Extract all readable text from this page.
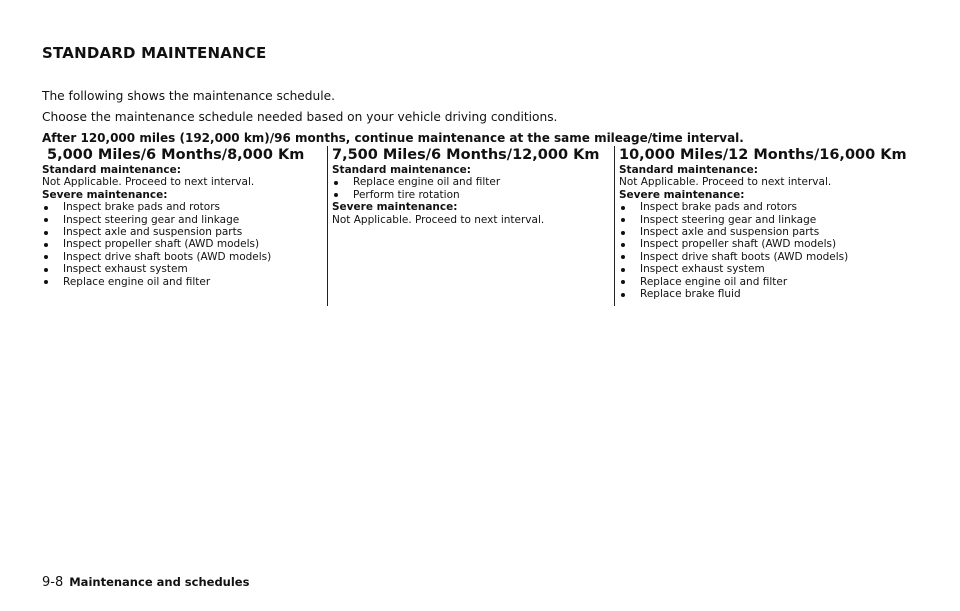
STANDARD MAINTENANCE

The following shows the maintenance schedule.

Choose the maintenance schedule needed based on your vehicle driving conditions.

After 120,000 miles (192,000 km)/96 months, continue maintenance at the same mileage/time interval.

5,000 Miles/6 Months/8,000 Km
Standard maintenance:
Not Applicable. Proceed to next interval.
Severe maintenance:
Inspect brake pads and rotors
Inspect steering gear and linkage
Inspect axle and suspension parts
Inspect propeller shaft (AWD models)
Inspect drive shaft boots (AWD models)
Inspect exhaust system
Replace engine oil and filter
7,500 Miles/6 Months/12,000 Km
Standard maintenance:
Replace engine oil and filter
Perform tire rotation
Severe maintenance:
Not Applicable. Proceed to next interval.
10,000 Miles/12 Months/16,000 Km
Standard maintenance:
Not Applicable. Proceed to next interval.
Severe maintenance:
Inspect brake pads and rotors
Inspect steering gear and linkage
Inspect axle and suspension parts
Inspect propeller shaft (AWD models)
Inspect drive shaft boots (AWD models)
Inspect exhaust system
Replace engine oil and filter
Replace brake fluid
9-8 Maintenance and schedules
